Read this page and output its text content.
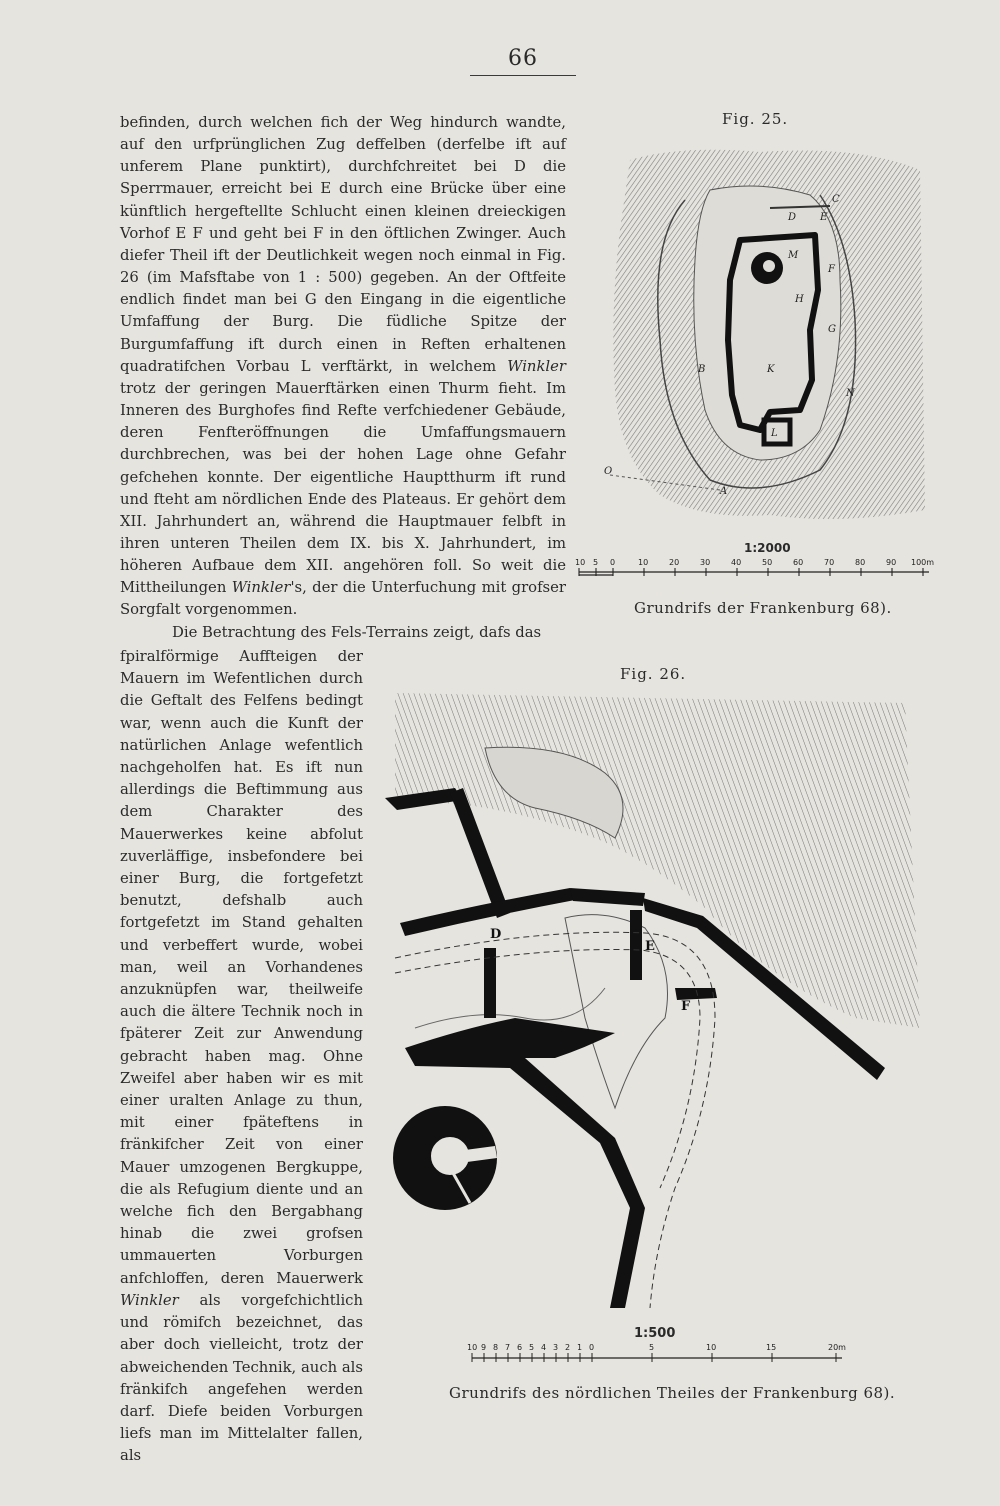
66

befinden, durch welchen fich der Weg hindurch wandte, auf den urfprünglichen Zug deffelben (derfelbe ift auf unferem Plane punktirt), durchfchreitet bei D die Sperrmauer, erreicht bei E durch eine Brücke über eine künftlich hergeftellte Schlucht einen kleinen dreieckigen Vorhof E F und geht bei F in den öftlichen Zwinger. Auch diefer Theil ift der Deutlichkeit wegen noch einmal in Fig. 26 (im Mafsftabe von 1 : 500) gegeben. An der Oftfeite endlich findet man bei G den Eingang in die eigentliche Umfaffung der Burg. Die füdliche Spitze der Burgumfaffung ift durch einen in Reften erhaltenen quadratifchen Vorbau L verftärkt, in welchem Winkler trotz der geringen Mauerftärken einen Thurm fieht. Im Inneren des Burghofes find Refte verfchiedener Gebäude, deren Fenfteröffnungen die Umfaffungsmauern durchbrechen, was bei der hohen Lage ohne Gefahr gefchehen konnte. Der eigentliche Hauptthurm ift rund und fteht am nördlichen Ende des Plateaus. Er gehört dem XII. Jahrhundert an, während die Hauptmauer felbft in ihren unteren Theilen dem IX. bis X. Jahrhundert, im höheren Aufbaue dem XII. angehören foll. So weit die Mittheilungen Winkler's, der die Unterfuchung mit grofser Sorgfalt vorgenommen.

Die Betrachtung des Fels-Terrains zeigt, dafs das

fpiralförmige Auffteigen der Mauern im Wefentlichen durch die Geftalt des Felfens bedingt war, wenn auch die Kunft der natürlichen Anlage wefentlich nachgeholfen hat. Es ift nun allerdings die Beftimmung aus dem Charakter des Mauerwerkes keine abfolut zuverläffige, insbefondere bei einer Burg, die fortgefetzt benutzt, defshalb auch fortgefetzt im Stand gehalten und verbeffert wurde, wobei man, weil an Vorhandenes anzuknüpfen war, theilweife auch die ältere Technik noch in fpäterer Zeit zur Anwendung gebracht haben mag. Ohne Zweifel aber haben wir es mit einer uralten Anlage zu thun, mit einer fpäteftens in fränkifcher Zeit von einer Mauer umzogenen Bergkuppe, die als Refugium diente und an welche fich den Bergabhang hinab die zwei grofsen ummauerten Vorburgen anfchloffen, deren Mauerwerk Winkler als vorgefchichtlich und römifch bezeichnet, das aber doch vielleicht, trotz der abweichenden Technik, auch als fränkifch angefehen werden darf. Diefe beiden Vorburgen liefs man im Mittelalter fallen, als

Fig. 25.
M
H
K
L
G
F
D E
C
B
N
A
O
1:2000
10 5 0	10	20	30	40	50	60	70	80	90 100m
Grundrifs der Frankenburg 68).
Fig. 26.
D
E
F
1:500
10 9 8 7 6 5 4 3 2 1 0	5	10	15	20m
Grundrifs des nördlichen Theiles der Frankenburg 68).
